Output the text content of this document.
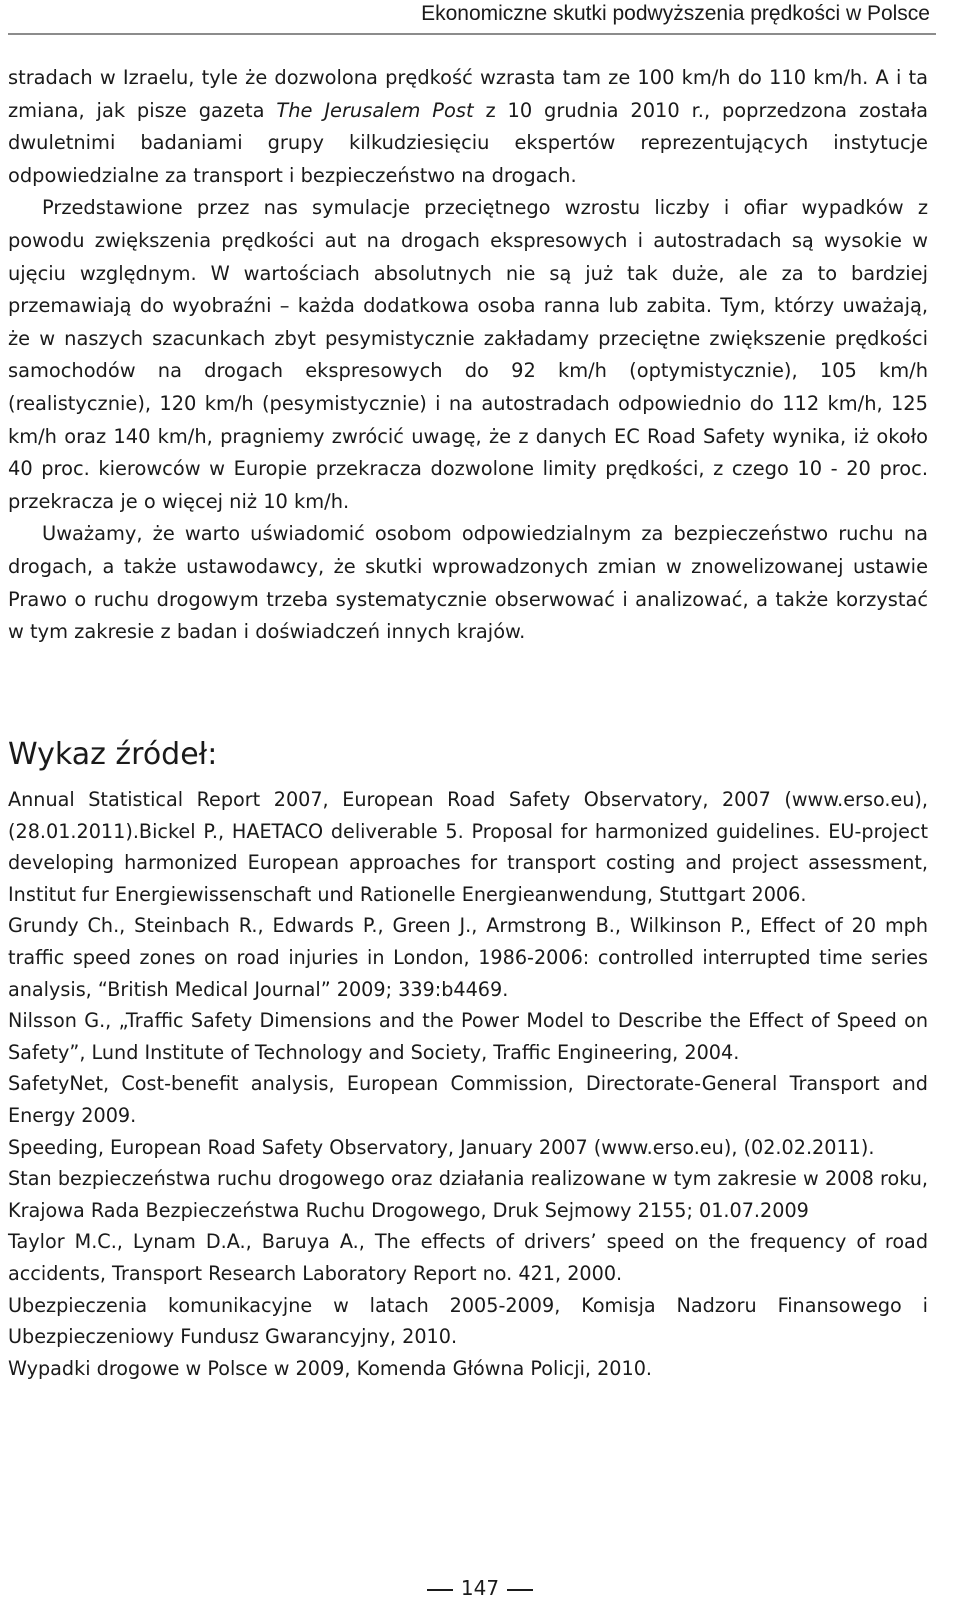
Ekonomiczne skutki podwyższenia prędkości w Polsce

stradach w Izraelu, tyle że dozwolona prędkość wzrasta tam ze 100 km/h do 110 km/h. A i ta zmiana, jak pisze gazeta The Jerusalem Post z 10 grudnia 2010 r., poprzedzona została dwuletnimi badaniami grupy kilkudziesięciu ekspertów reprezentujących instytucje odpowiedzialne za transport i bezpieczeństwo na drogach.

Przedstawione przez nas symulacje przeciętnego wzrostu liczby i ofiar wypadków z powodu zwiększenia prędkości aut na drogach ekspresowych i autostradach są wysokie w ujęciu względnym. W wartościach absolutnych nie są już tak duże, ale za to bardziej przemawiają do wyobraźni – każda dodatkowa osoba ranna lub zabita. Tym, którzy uważają, że w naszych szacunkach zbyt pesymistycznie zakładamy przeciętne zwiększenie prędkości samochodów na drogach ekspresowych do 92 km/h (optymistycznie), 105 km/h (realistycznie), 120 km/h (pesymistycznie) i na autostradach odpowiednio do 112 km/h, 125 km/h oraz 140 km/h, pragniemy zwrócić uwagę, że z danych EC Road Safety wynika, iż około 40 proc. kierowców w Europie przekracza dozwolone limity prędkości, z czego 10 - 20 proc. przekracza je o więcej niż 10 km/h.

Uważamy, że warto uświadomić osobom odpowiedzialnym za bezpieczeństwo ruchu na drogach, a także ustawodawcy, że skutki wprowadzonych zmian w znowelizowanej ustawie Prawo o ruchu drogowym trzeba systematycznie obserwować i analizować, a także korzystać w tym zakresie z badan i doświadczeń innych krajów.

Wykaz źródeł:
Annual Statistical Report 2007, European Road Safety Observatory, 2007 (www.erso.eu), (28.01.2011).Bickel P., HAETACO deliverable 5. Proposal for harmonized guidelines. EU-project developing harmonized European approaches for transport costing and project assessment, Institut fur Energiewissenschaft und Rationelle Energieanwendung, Stuttgart 2006.
Grundy Ch., Steinbach R., Edwards P., Green J., Armstrong B., Wilkinson P., Effect of 20 mph traffic speed zones on road injuries in London, 1986-2006: controlled interrupted time series analysis, “British Medical Journal” 2009; 339:b4469.
Nilsson G., „Traffic Safety Dimensions and the Power Model to Describe the Effect of Speed on Safety”, Lund Institute of Technology and Society, Traffic Engineering, 2004.
SafetyNet, Cost-benefit analysis, European Commission, Directorate-General Transport and Energy 2009.
Speeding, European Road Safety Observatory, January 2007 (www.erso.eu), (02.02.2011).
Stan bezpieczeństwa ruchu drogowego oraz działania realizowane w tym zakresie w 2008 roku, Krajowa Rada Bezpieczeństwa Ruchu Drogowego, Druk Sejmowy 2155; 01.07.2009
Taylor M.C., Lynam D.A., Baruya A., The effects of drivers’ speed on the frequency of road accidents, Transport Research Laboratory Report no. 421, 2000.
Ubezpieczenia komunikacyjne w latach 2005-2009, Komisja Nadzoru Finansowego i Ubezpieczeniowy Fundusz Gwarancyjny, 2010.
Wypadki drogowe w Polsce w 2009, Komenda Główna Policji, 2010.
147
